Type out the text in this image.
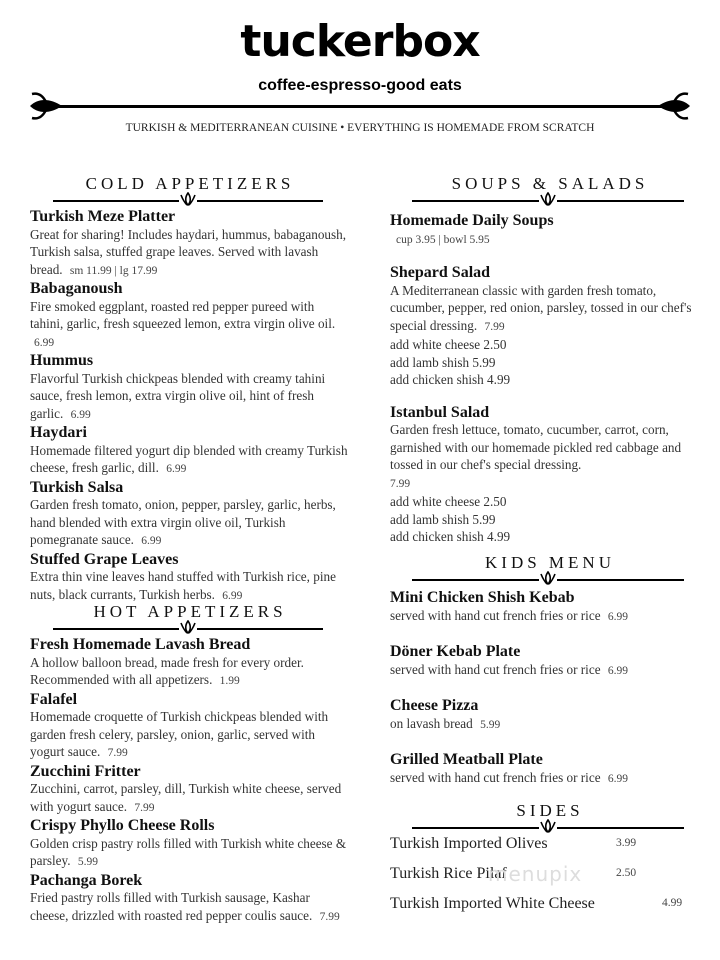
tuckerbox
coffee-espresso-good eats
TURKISH & MEDITERRANEAN CUISINE • EVERYTHING IS HOMEMADE FROM SCRATCH
COLD APPETIZERS
Turkish Meze Platter
Great for sharing! Includes haydari, hummus, babaganoush, Turkish salsa, stuffed grape leaves. Served with lavash bread. sm 11.99 | lg 17.99
Babaganoush
Fire smoked eggplant, roasted red pepper pureed with tahini, garlic, fresh squeezed lemon, extra virgin olive oil. 6.99
Hummus
Flavorful Turkish chickpeas blended with creamy tahini sauce, fresh lemon, extra virgin olive oil, hint of fresh garlic. 6.99
Haydari
Homemade filtered yogurt dip blended with creamy Turkish cheese, fresh garlic, dill. 6.99
Turkish Salsa
Garden fresh tomato, onion, pepper, parsley, garlic, herbs, hand blended with extra virgin olive oil, Turkish pomegranate sauce. 6.99
Stuffed Grape Leaves
Extra thin vine leaves hand stuffed with Turkish rice, pine nuts, black currants, Turkish herbs. 6.99
HOT APPETIZERS
Fresh Homemade Lavash Bread
A hollow balloon bread, made fresh for every order. Recommended with all appetizers. 1.99
Falafel
Homemade croquette of Turkish chickpeas blended with garden fresh celery, parsley, onion, garlic, served with yogurt sauce. 7.99
Zucchini Fritter
Zucchini, carrot, parsley, dill, Turkish white cheese, served with yogurt sauce. 7.99
Crispy Phyllo Cheese Rolls
Golden crisp pastry rolls filled with Turkish white cheese & parsley. 5.99
Pachanga Borek
Fried pastry rolls filled with Turkish sausage, Kashar cheese, drizzled with roasted red pepper coulis sauce. 7.99
SOUPS & SALADS
Homemade Daily Soups
cup 3.95 | bowl 5.95
Shepard Salad
A Mediterranean classic with garden fresh tomato, cucumber, pepper, red onion, parsley, tossed in our chef's special dressing. 7.99
add white cheese 2.50
add lamb shish 5.99
add chicken shish 4.99
Istanbul Salad
Garden fresh lettuce, tomato, cucumber, carrot, corn, garnished with our homemade pickled red cabbage and tossed in our chef's special dressing.
7.99
add white cheese 2.50
add lamb shish 5.99
add chicken shish 4.99
KIDS MENU
Mini Chicken Shish Kebab
served with hand cut french fries or rice 6.99
Döner Kebab Plate
served with hand cut french fries or rice 6.99
Cheese Pizza
on lavash bread 5.99
Grilled Meatball Plate
served with hand cut french fries or rice 6.99
SIDES
Turkish Imported Olives	3.99
Turkish Rice Pilaf	2.50
Turkish Imported White Cheese	4.99
menupix
